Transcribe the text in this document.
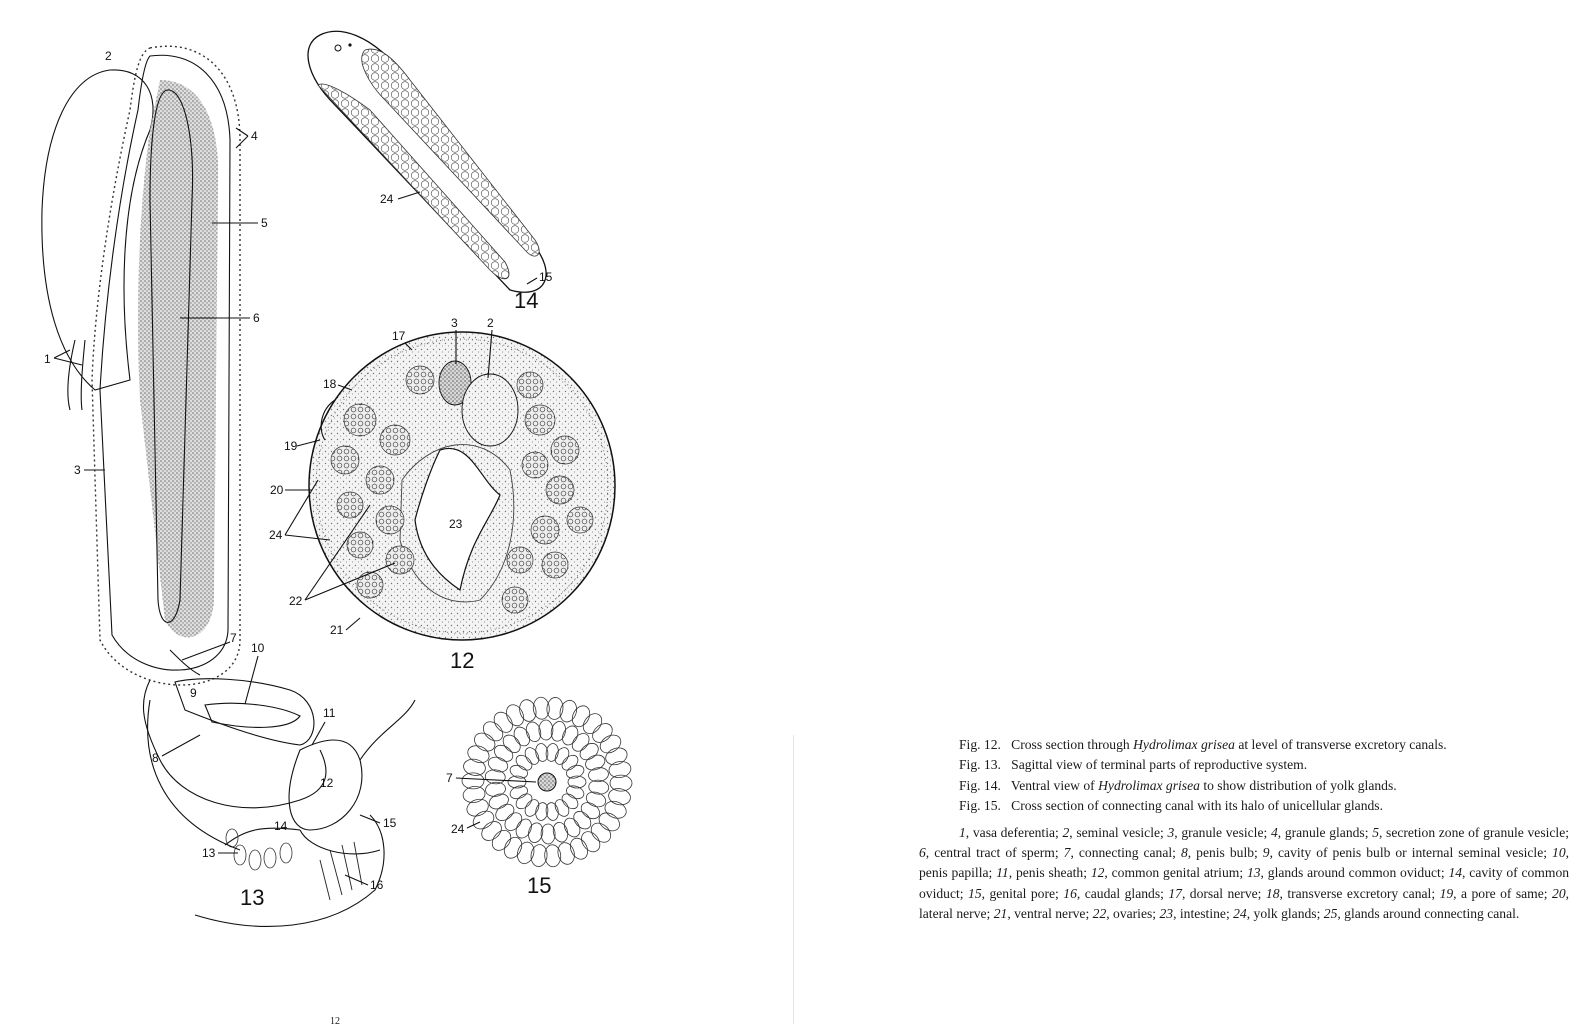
2
1
3
4
5
6
7
8
9
10
11
12
13
14	15
16
13
24
15
14
3 2
17
18
19
20
24
22
21
23
12
7
24
15

Fig. 12. Cross section through Hydrolimax grisea at level of transverse excretory canals.

Fig. 13. Sagittal view of terminal parts of reproductive system.

Fig. 14. Ventral view of Hydrolimax grisea to show distribution of yolk glands.

Fig. 15. Cross section of connecting canal with its halo of unicellular glands.

1, vasa deferentia; 2, seminal vesicle; 3, granule vesicle; 4, granule glands; 5, secretion zone of granule vesicle; 6, central tract of sperm; 7, connecting canal; 8, penis bulb; 9, cavity of penis bulb or internal seminal vesicle; 10, penis papilla; 11, penis sheath; 12, common genital atrium; 13, glands around common oviduct; 14, cavity of common oviduct; 15, genital pore; 16, caudal glands; 17, dorsal nerve; 18, transverse excretory canal; 19, a pore of same; 20, lateral nerve; 21, ventral nerve; 22, ovaries; 23, intestine; 24, yolk glands; 25, glands around connecting canal.

12
